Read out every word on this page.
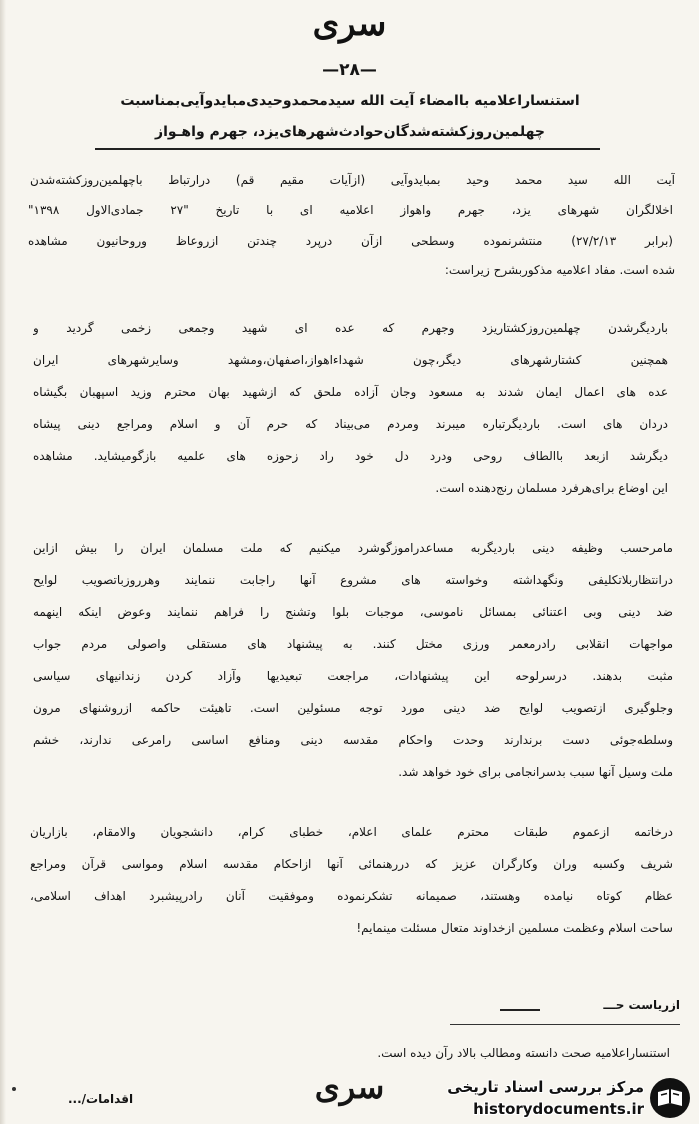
سری
—۲۸—
استنساراعلامیه باامضاء آیت الله سیدمحمدوحیدی‌مبایدوآیی‌بمناسبت
چهلمین‌روزکشته‌شدگان‌حوادث‌شهرهای‌یزد، جهرم واهـواز
آیت الله سید محمد وحید بمبایدوآیی (ازآیات مقیم قم) درارتباط باچهلمین‌روزکشته‌شدن
اخلالگران شهرهای یزد، جهرم واهواز اعلامیه ای با تاریخ "۲۷ جمادی‌الاول ۱۳۹۸"
(برابر ۲۷/۲/۱۳) منتشرنموده وسطحی ازآن درپرد چندتن ازروعاظ وروحانیون مشاهده‌
شده است. مفاد اعلامیه مذکوربشرح زیراست:
باردیگرشدن چهلمین‌روزکشتاریزد وجهرم که عده ای شهید وجمعی زخمی گردید و
همچنین کشتارشهرهای دیگر،چون شهداءاهواز،اصفهان،ومشهد وسایرشهرهای ایران
عده های اعمال ایمان شدند به مسعود وجان آزاده ملحق که ازشهید بهان محترم وزید اسپهبان بگیشاه
دردان های است. باردیگرتباره میبرند ومردم می‌بیناد که حرم آن و اسلام ومراجع دینی پیشاه
دیگرشد ازبعد باالطاف روحی ودرد دل خود راد زحوزه های علمیه بازگومیشاید. مشاهده
این اوضاع برای‌هرفرد مسلمان رنج‌دهنده است.
مامرحسب وظیفه دینی باردیگربه مساعدراموزگوشرد میکنیم که ملت مسلمان ایران را بیش ازاین
درانتظاربلاتکلیفی ونگهداشته وخواسته های مشروع آنها راجابت ننمایند وهرروزباتصویب لوایح
ضد دینی وبی اعتنائی بمسائل ناموسی، موجبات بلوا وتشنج را فراهم ننمایند وعوض اینکه اینهمه
مواجهات انقلابی رادرمعمر ورزی مختل کنند. به پیشنهاد های مستقلی واصولی مردم جواب
مثبت بدهند. درسرلوحه این پیشنهادات، مراجعت تبعیدیها وآزاد کردن زندانیهای سیاسی
وجلوگیری ازتصویب لوایح ضد دینی مورد توجه مسئولین است. تاهیئت حاکمه ازروشنهای مرون
وسلطه‌جوئی دست برندارند وحدت واحکام مقدسه دینی ومنافع اساسی رامرعی ندارند، خشم
ملت وسیل آنها سبب بدسرانجامی برای خود خواهد شد.
درخاتمه ازعموم طبقات محترم علمای اعلام، خطبای کرام، دانشجویان والامقام، بازاریان
شریف وکسبه وران وکارگران عزیز که دررهنمائی آنها ازاحکام مقدسه اسلام ومواسی قرآن ومراجع
عظام کوتاه نیامده وهستند، صمیمانه تشکرنموده وموفقیت آنان رادرپیشبرد اهداف اسلامی،
ساحت اسلام وعظمت مسلمین ازخداوند متعال مسئلت مینمایم!
ازریاست حـــ
استنساراعلامیه صحت دانسته ومطالب بالاد رآن دیده است.
سری
اقدامات/...
مرکز بررسی اسناد تاریخی
historydocuments.ir
